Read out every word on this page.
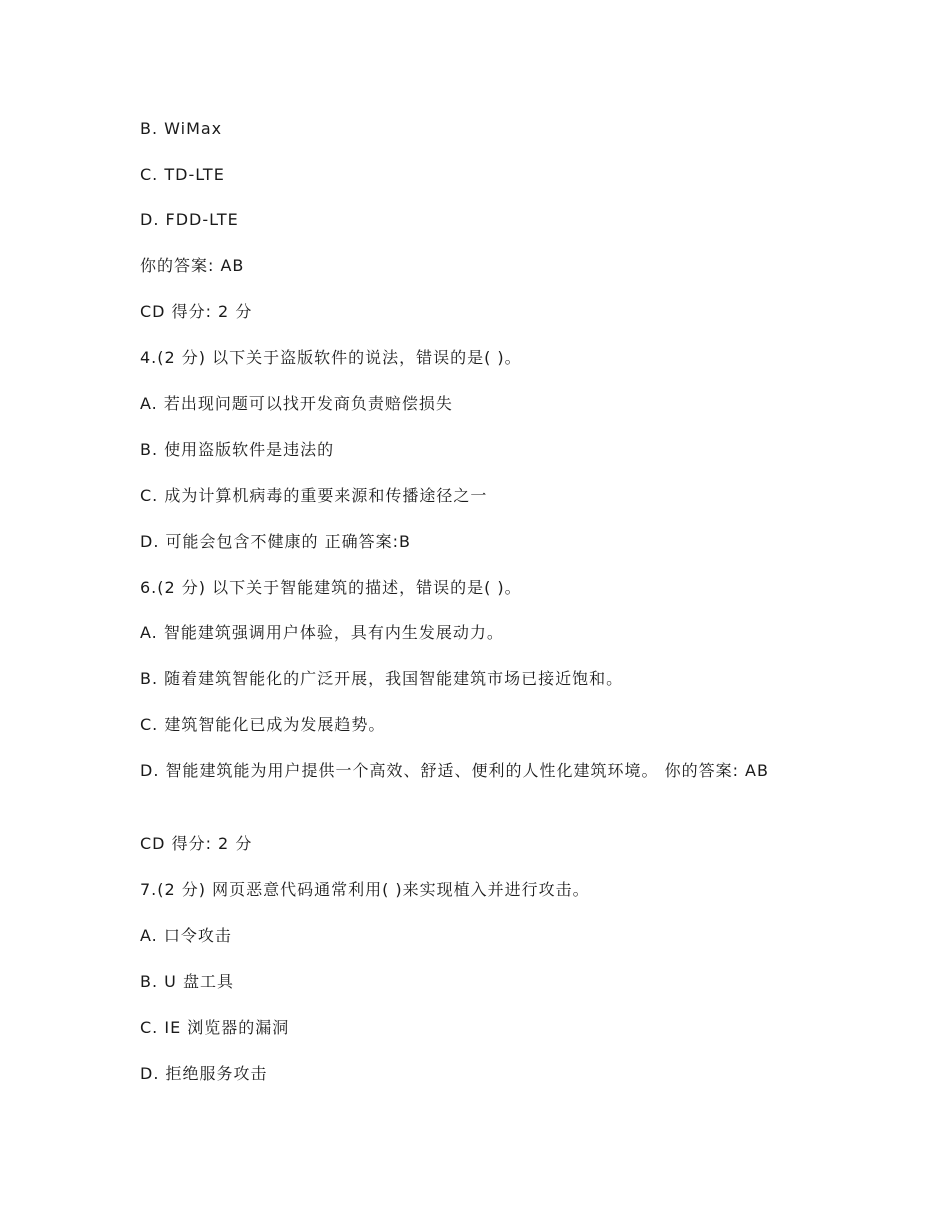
B. WiMax
C. TD-LTE
D. FDD-LTE
你的答案: AB
CD 得分: 2 分
4.(2 分) 以下关于盗版软件的说法，错误的是( )。
A. 若出现问题可以找开发商负责赔偿损失
B. 使用盗版软件是违法的
C. 成为计算机病毒的重要来源和传播途径之一
D. 可能会包含不健康的 正确答案:B
6.(2 分) 以下关于智能建筑的描述，错误的是( )。
A. 智能建筑强调用户体验，具有内生发展动力。
B. 随着建筑智能化的广泛开展，我国智能建筑市场已接近饱和。
C. 建筑智能化已成为发展趋势。
D. 智能建筑能为用户提供一个高效、舒适、便利的人性化建筑环境。 你的答案: AB
CD 得分: 2 分
7.(2 分) 网页恶意代码通常利用( )来实现植入并进行攻击。
A. 口令攻击
B. U 盘工具
C. IE 浏览器的漏洞
D. 拒绝服务攻击
